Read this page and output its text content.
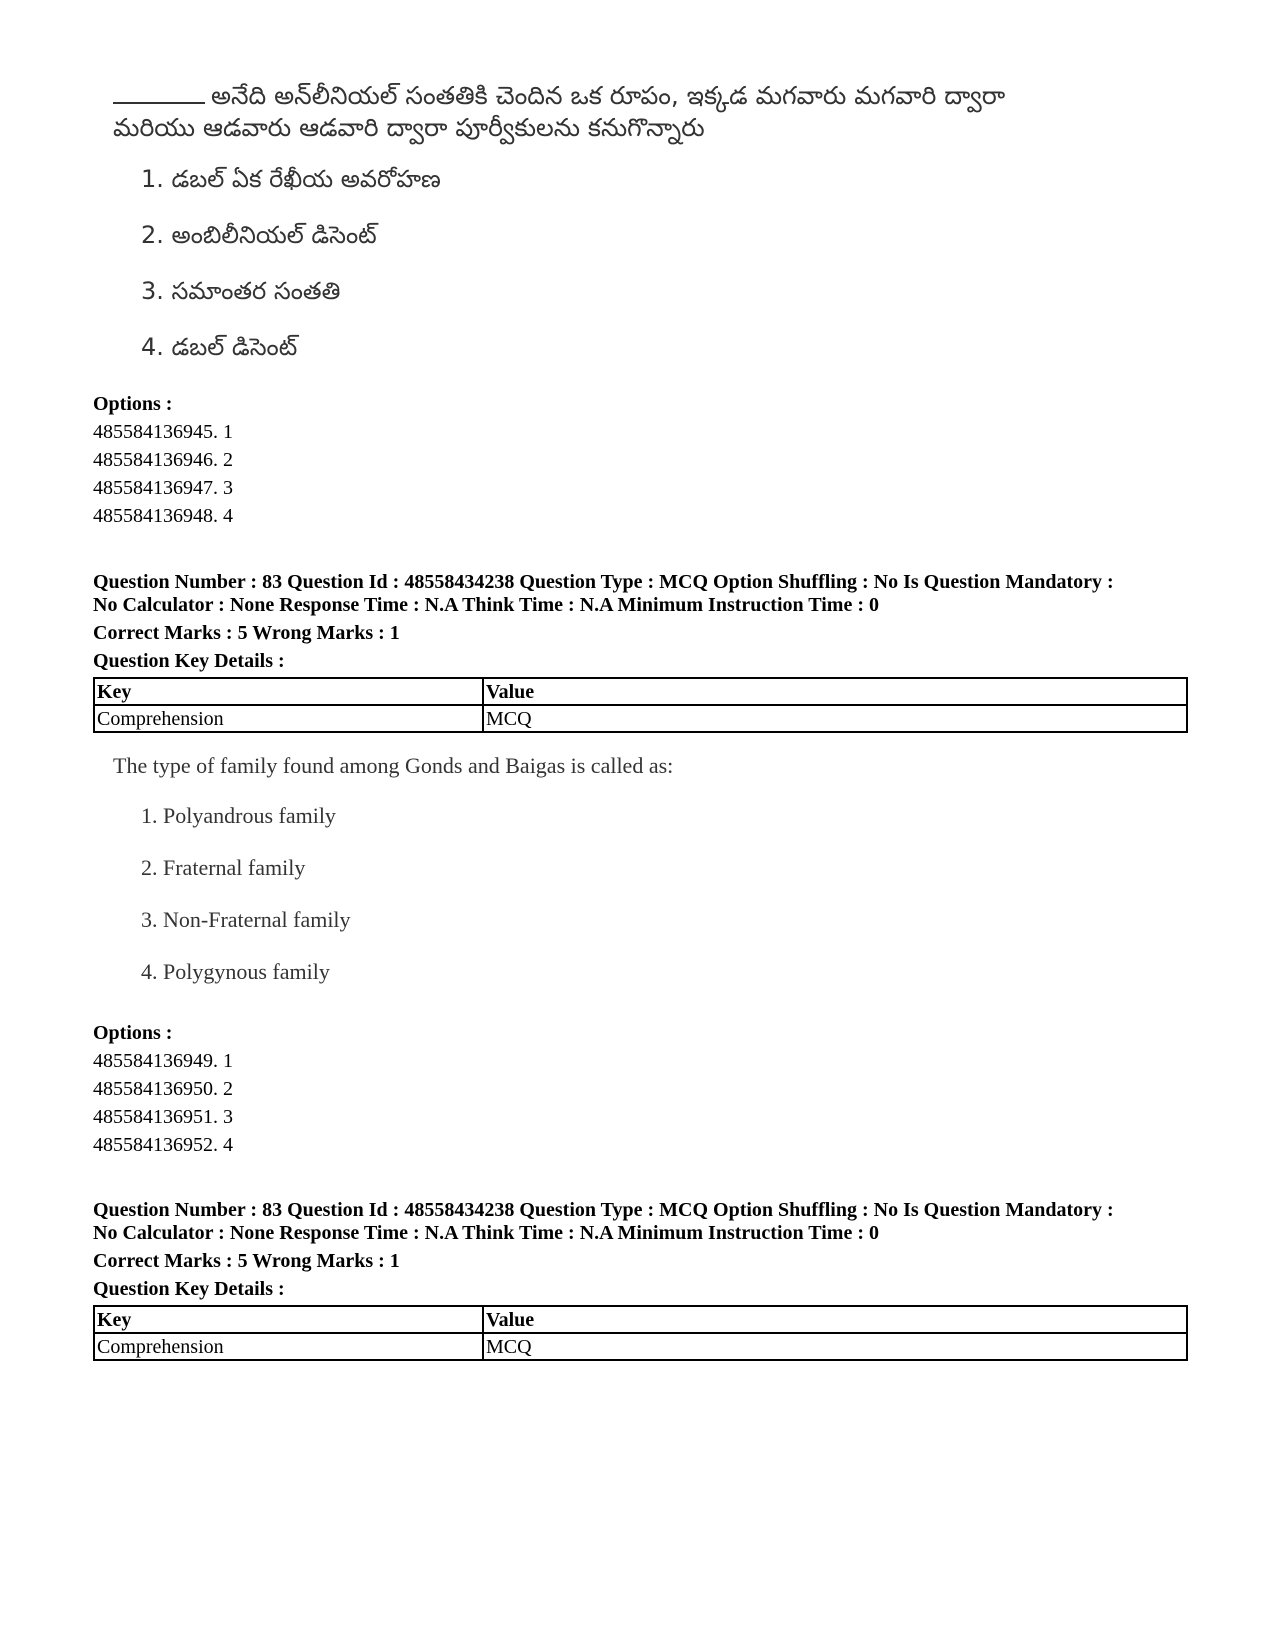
అనేది అన్‌లీనియల్ సంతతికి చెందిన ఒక రూపం, ఇక్కడ మగవారు మగవారి ద్వారా
మరియు ఆడవారు ఆడవారి ద్వారా పూర్వీకులను కనుగొన్నారు
1. డబల్ ఏక రేఖీయ అవరోహణ
2. అంబిలీనియల్ డిసెంట్
3. సమాంతర సంతతి
4. డబల్ డిసెంట్
Options :
485584136945. 1
485584136946. 2
485584136947. 3
485584136948. 4
Question Number : 83 Question Id : 48558434238 Question Type : MCQ Option Shuffling : No Is Question Mandatory :
No Calculator : None Response Time : N.A Think Time : N.A Minimum Instruction Time : 0
Correct Marks : 5 Wrong Marks : 1
Question Key Details :
Key	Value
Comprehension	MCQ
The type of family found among Gonds and Baigas is called as:
1. Polyandrous family
2. Fraternal family
3. Non-Fraternal family
4. Polygynous family
Options :
485584136949. 1
485584136950. 2
485584136951. 3
485584136952. 4
Question Number : 83 Question Id : 48558434238 Question Type : MCQ Option Shuffling : No Is Question Mandatory :
No Calculator : None Response Time : N.A Think Time : N.A Minimum Instruction Time : 0
Correct Marks : 5 Wrong Marks : 1
Question Key Details :
Key	Value
Comprehension	MCQ
